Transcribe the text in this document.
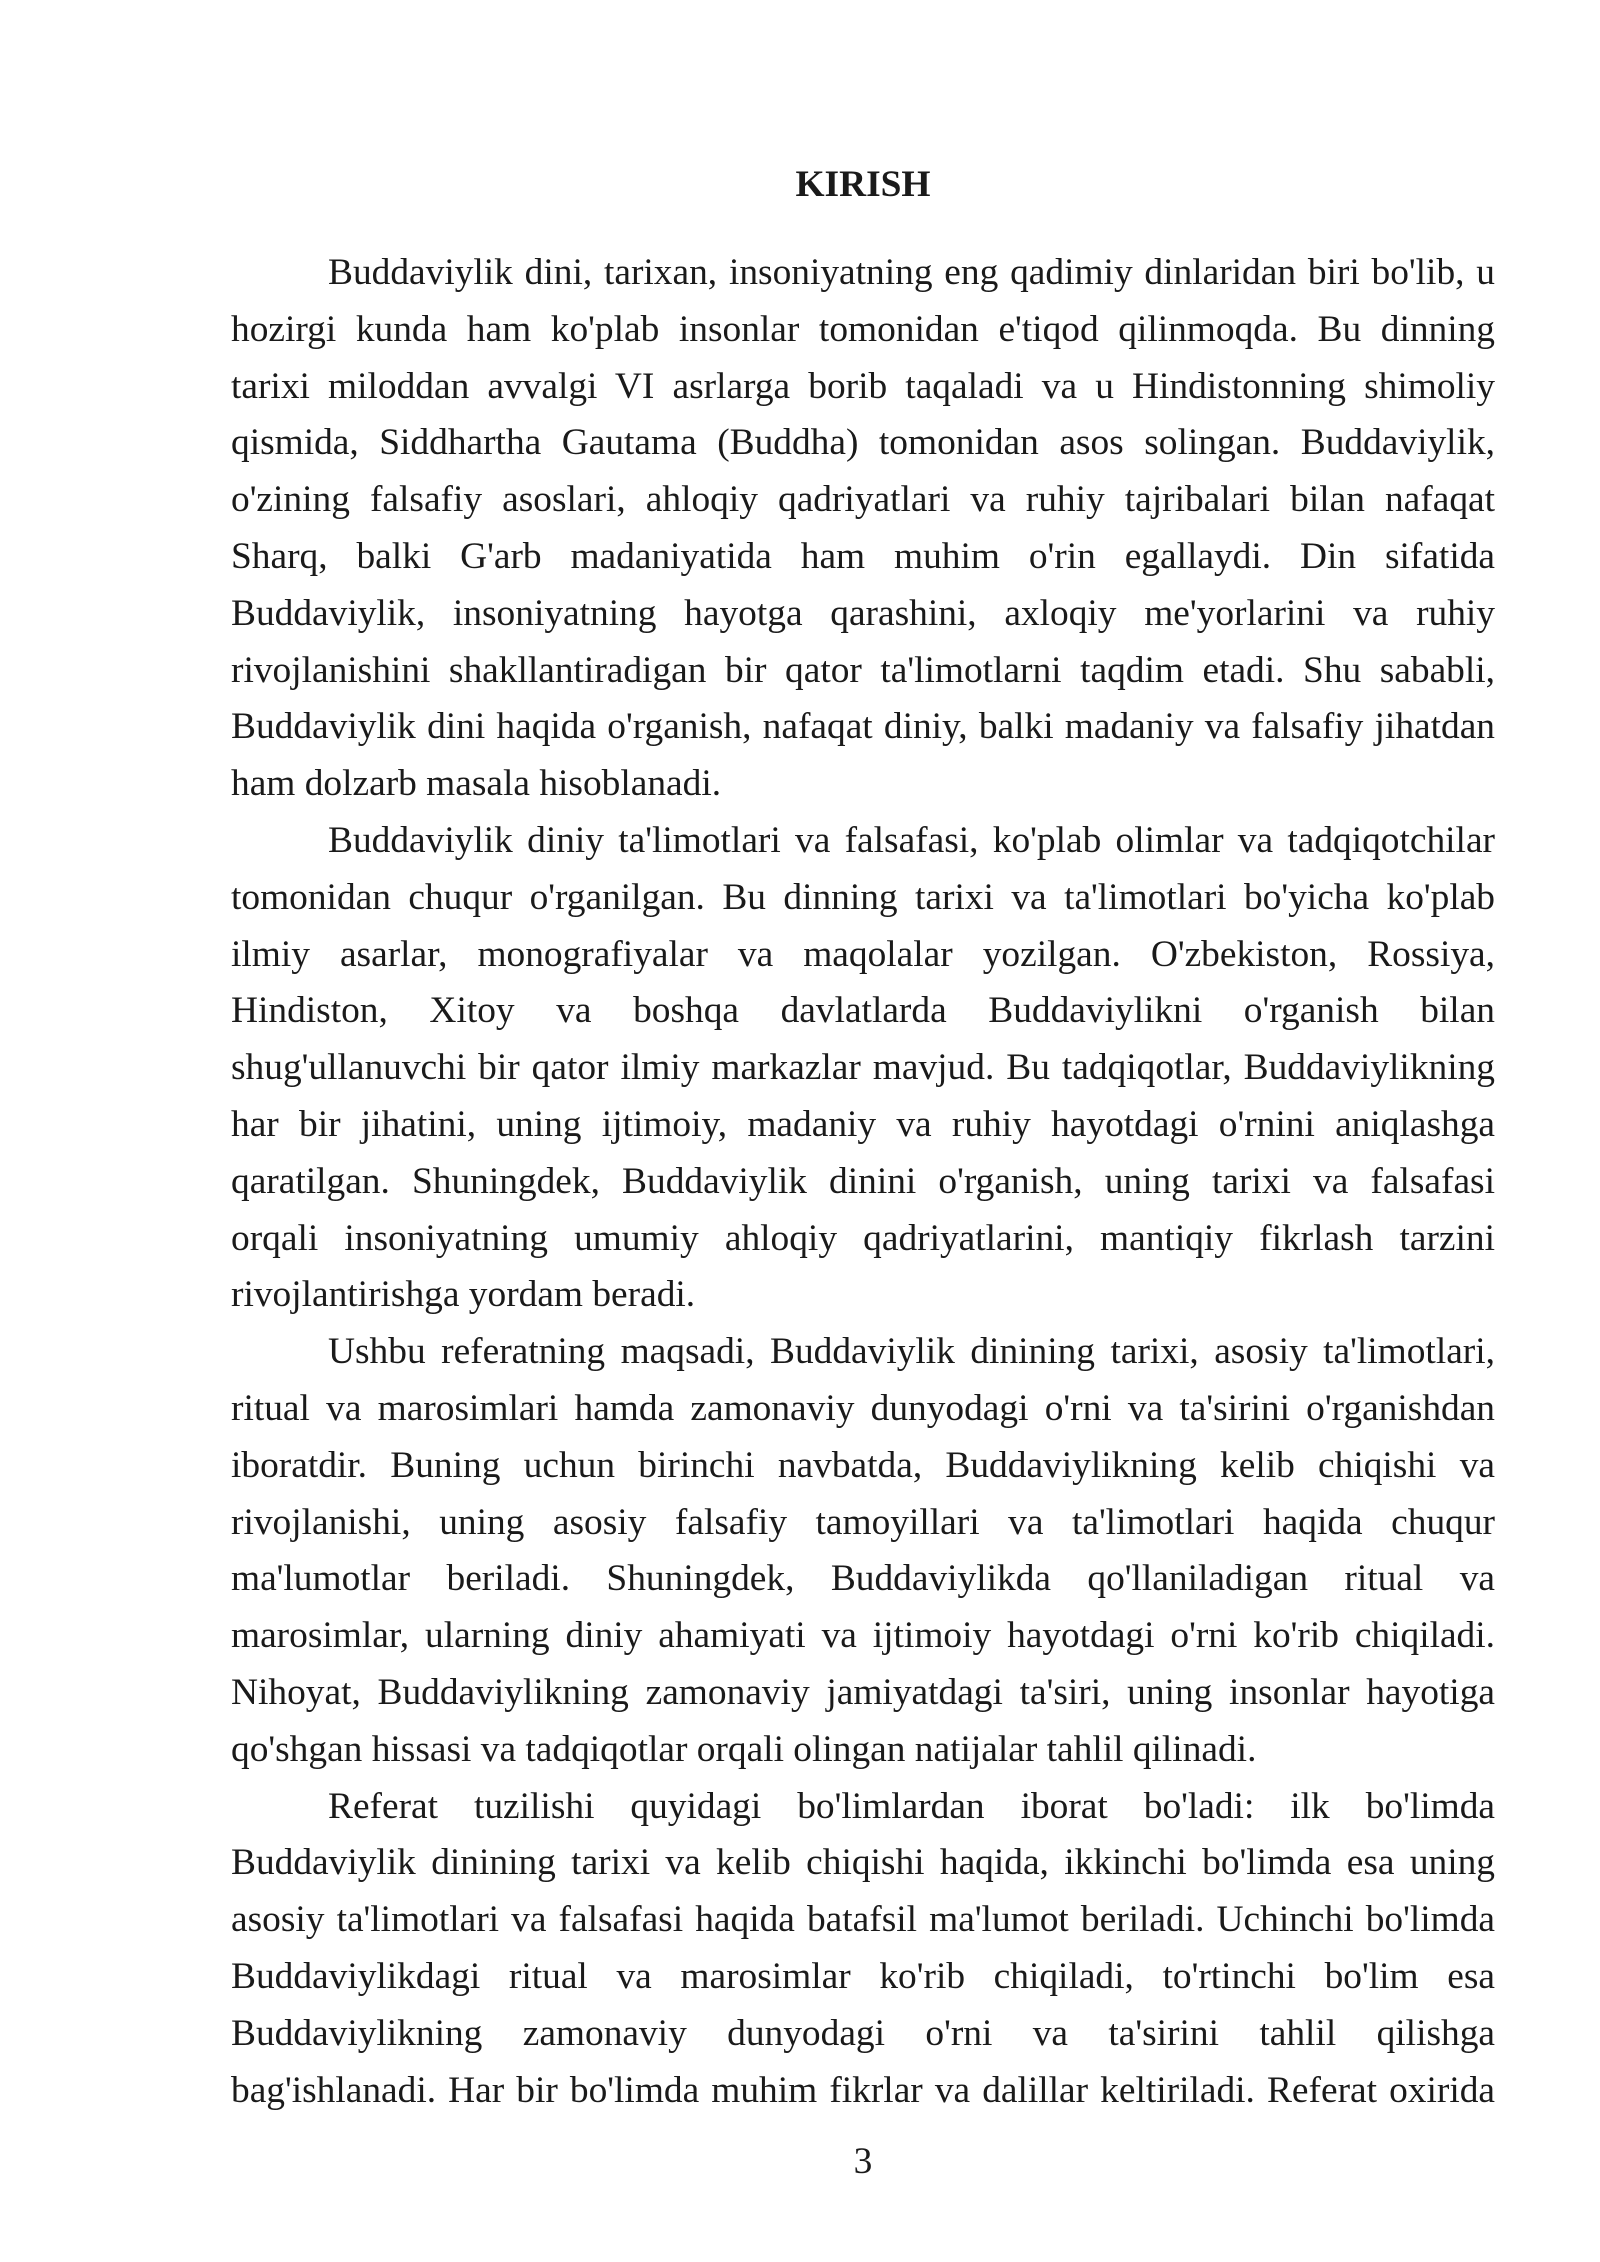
KIRISH
Buddaviylik dini, tarixan, insoniyatning eng qadimiy dinlaridan biri bo'lib, u
hozirgi kunda ham ko'plab insonlar tomonidan e'tiqod qilinmoqda. Bu dinning
tarixi miloddan avvalgi VI asrlarga borib taqaladi va u Hindistonning shimoliy
qismida, Siddhartha Gautama (Buddha) tomonidan asos solingan. Buddaviylik,
o'zining falsafiy asoslari, ahloqiy qadriyatlari va ruhiy tajribalari bilan nafaqat
Sharq, balki G'arb madaniyatida ham muhim o'rin egallaydi. Din sifatida
Buddaviylik, insoniyatning hayotga qarashini, axloqiy me'yorlarini va ruhiy
rivojlanishini shakllantiradigan bir qator ta'limotlarni taqdim etadi. Shu sababli,
Buddaviylik dini haqida o'rganish, nafaqat diniy, balki madaniy va falsafiy jihatdan
ham dolzarb masala hisoblanadi.
Buddaviylik diniy ta'limotlari va falsafasi, ko'plab olimlar va tadqiqotchilar
tomonidan chuqur o'rganilgan. Bu dinning tarixi va ta'limotlari bo'yicha ko'plab
ilmiy asarlar, monografiyalar va maqolalar yozilgan. O'zbekiston, Rossiya,
Hindiston, Xitoy va boshqa davlatlarda Buddaviylikni o'rganish bilan
shug'ullanuvchi bir qator ilmiy markazlar mavjud. Bu tadqiqotlar, Buddaviylikning
har bir jihatini, uning ijtimoiy, madaniy va ruhiy hayotdagi o'rnini aniqlashga
qaratilgan. Shuningdek, Buddaviylik dinini o'rganish, uning tarixi va falsafasi
orqali insoniyatning umumiy ahloqiy qadriyatlarini, mantiqiy fikrlash tarzini
rivojlantirishga yordam beradi.
Ushbu referatning maqsadi, Buddaviylik dinining tarixi, asosiy ta'limotlari,
ritual va marosimlari hamda zamonaviy dunyodagi o'rni va ta'sirini o'rganishdan
iboratdir. Buning uchun birinchi navbatda, Buddaviylikning kelib chiqishi va
rivojlanishi, uning asosiy falsafiy tamoyillari va ta'limotlari haqida chuqur
ma'lumotlar beriladi. Shuningdek, Buddaviylikda qo'llaniladigan ritual va
marosimlar, ularning diniy ahamiyati va ijtimoiy hayotdagi o'rni ko'rib chiqiladi.
Nihoyat, Buddaviylikning zamonaviy jamiyatdagi ta'siri, uning insonlar hayotiga
qo'shgan hissasi va tadqiqotlar orqali olingan natijalar tahlil qilinadi.
Referat tuzilishi quyidagi bo'limlardan iborat bo'ladi: ilk bo'limda
Buddaviylik dinining tarixi va kelib chiqishi haqida, ikkinchi bo'limda esa uning
asosiy ta'limotlari va falsafasi haqida batafsil ma'lumot beriladi. Uchinchi bo'limda
Buddaviylikdagi ritual va marosimlar ko'rib chiqiladi, to'rtinchi bo'lim esa
Buddaviylikning zamonaviy dunyodagi o'rni va ta'sirini tahlil qilishga
bag'ishlanadi. Har bir bo'limda muhim fikrlar va dalillar keltiriladi. Referat oxirida
3
